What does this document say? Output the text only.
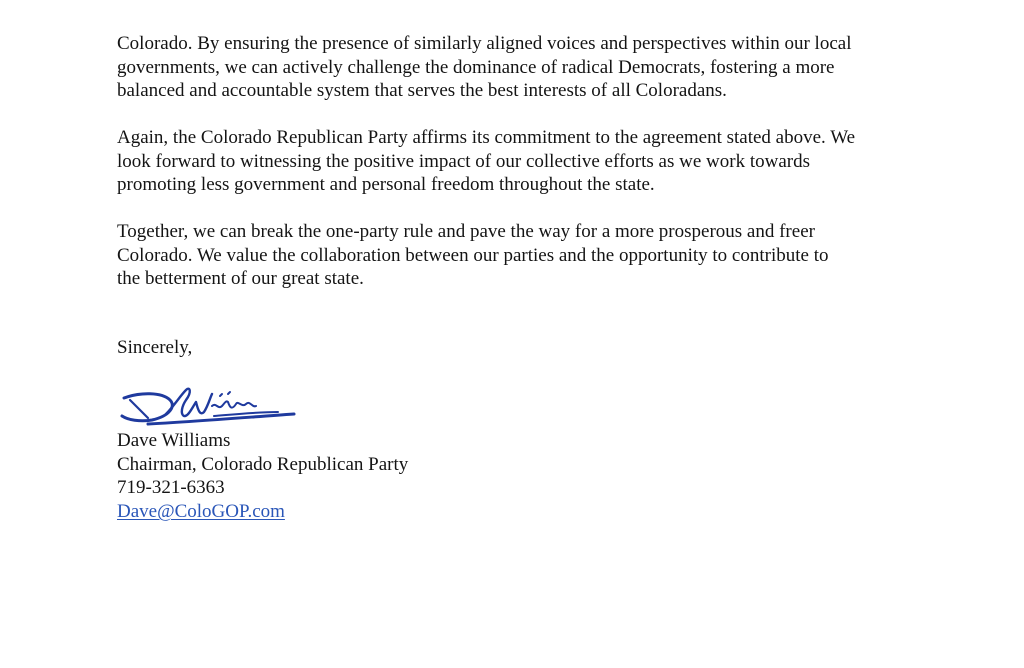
Colorado. By ensuring the presence of similarly aligned voices and perspectives within our local
governments, we can actively challenge the dominance of radical Democrats, fostering a more
balanced and accountable system that serves the best interests of all Coloradans.

Again, the Colorado Republican Party affirms its commitment to the agreement stated above. We
look forward to witnessing the positive impact of our collective efforts as we work towards
promoting less government and personal freedom throughout the state.

Together, we can break the one-party rule and pave the way for a more prosperous and freer
Colorado. We value the collaboration between our parties and the opportunity to contribute to
the betterment of our great state.

Sincerely,

Dave Williams
Chairman, Colorado Republican Party
719-321-6363
Dave@ColoGOP.com
